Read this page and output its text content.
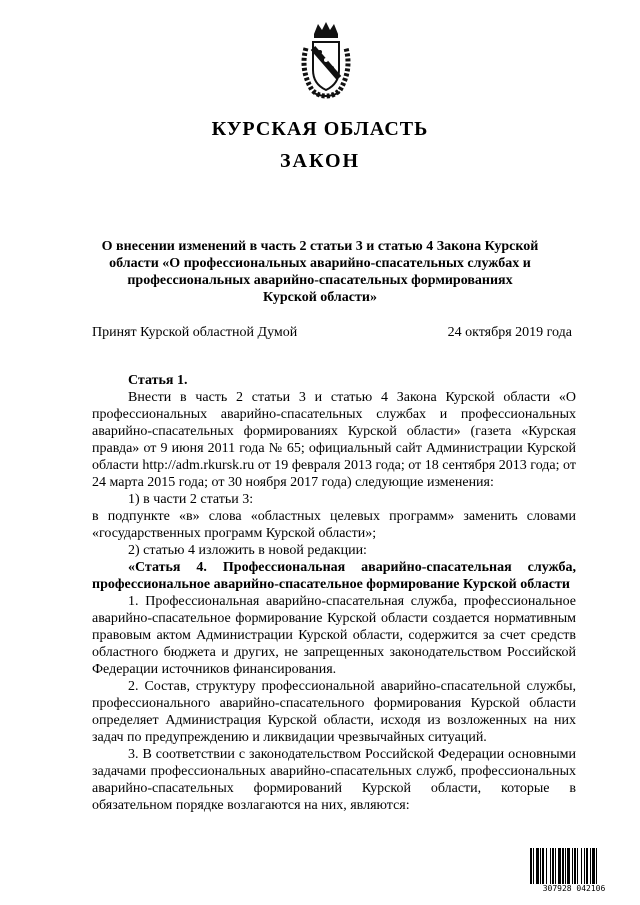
КУРСКАЯ ОБЛАСТЬ
ЗАКОН
О внесении изменений в часть 2 статьи 3 и статью 4 Закона Курской области «О профессиональных аварийно-спасательных службах и профессиональных аварийно-спасательных формированиях Курской области»
Принят Курской областной Думой	24 октября 2019 года

Статья 1.

Внести в часть 2 статьи 3 и статью 4 Закона Курской области «О профессиональных аварийно-спасательных службах и профессиональных аварийно-спасательных формированиях Курской области» (газета «Курская правда» от 9 июня 2011 года № 65; официальный сайт Администрации Курской области http://adm.rkursk.ru от 19 февраля 2013 года; от 18 сентября 2013 года; от 24 марта 2015 года; от 30 ноября 2017 года) следующие изменения:

1) в части 2 статьи 3:

в подпункте «в» слова «областных целевых программ» заменить словами «государственных программ Курской области»;

2) статью 4 изложить в новой редакции:

«Статья 4. Профессиональная аварийно-спасательная служба, профессиональное аварийно-спасательное формирование Курской области

1. Профессиональная аварийно-спасательная служба, профессиональное аварийно-спасательное формирование Курской области создается нормативным правовым актом Администрации Курской области, содержится за счет средств областного бюджета и других, не запрещенных законодательством Российской Федерации источников финансирования.

2. Состав, структуру профессиональной аварийно-спасательной службы, профессионального аварийно-спасательного формирования Курской области определяет Администрация Курской области, исходя из возложенных на них задач по предупреждению и ликвидации чрезвычайных ситуаций.

3. В соответствии с законодательством Российской Федерации основными задачами профессиональных аварийно-спасательных служб, профессиональных аварийно-спасательных формирований Курской области, которые в обязательном порядке возлагаются на них, являются:

307928 042106
